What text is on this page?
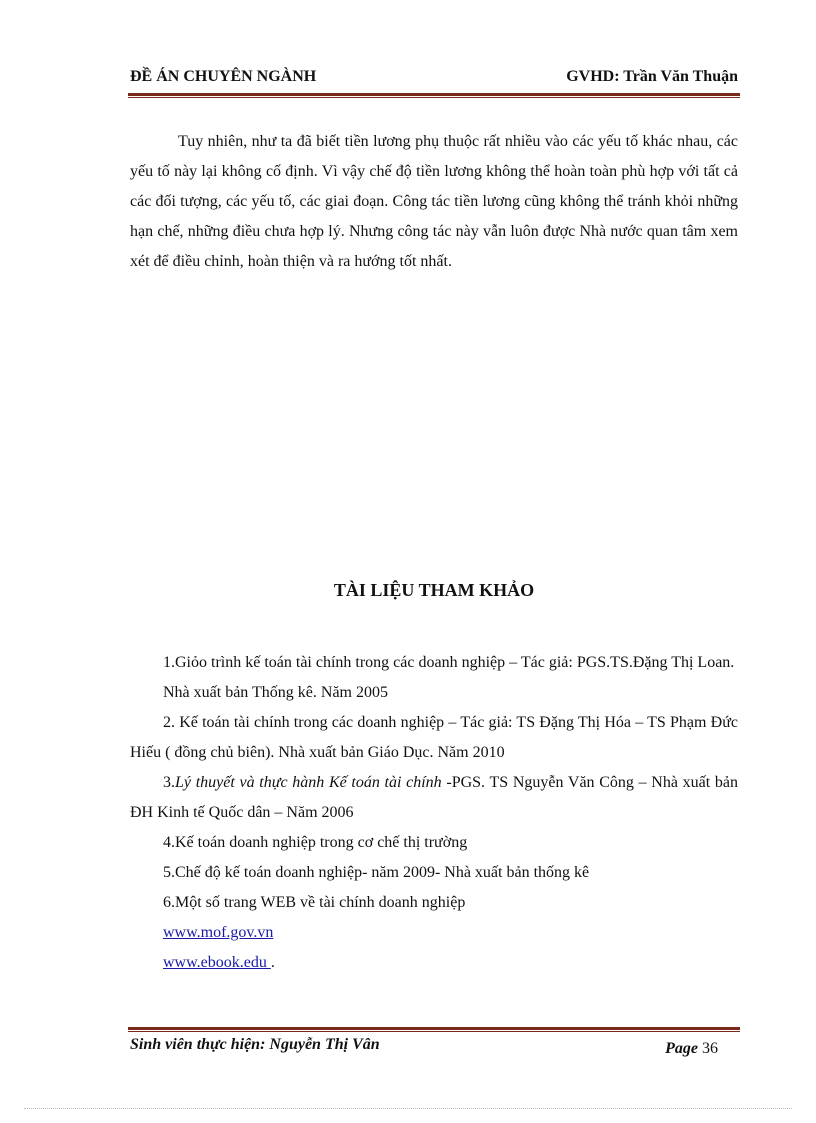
ĐỀ ÁN CHUYÊN NGÀNH	GVHD: Trần Văn Thuận

Tuy nhiên, như ta đã biết tiền lương phụ thuộc rất nhiều vào các yếu tố khác nhau, các yếu tố này lại không cố định. Vì vậy chế độ tiền lương không thể hoàn toàn phù hợp với tất cả các đối tượng, các yếu tố, các giai đoạn. Công tác tiền lương cũng không thể tránh khỏi những hạn chế, những điều chưa hợp lý. Nhưng công tác này vẫn luôn được Nhà nước quan tâm xem xét để điều chỉnh, hoàn thiện và ra hướng tốt nhất.

TÀI LIỆU THAM KHẢO

1.Giỏo trình kế toán tài chính trong các doanh nghiệp – Tác giả: PGS.TS.Đặng Thị Loan.

Nhà xuất bản Thống kê. Năm 2005

2. Kế toán tài chính trong các doanh nghiệp – Tác giả: TS Đặng Thị Hóa – TS Phạm Đức Hiếu ( đồng chủ biên). Nhà xuất bản Giáo Dục. Năm 2010

3.Lý thuyết và thực hành Kế toán tài chính -PGS. TS Nguyễn Văn Công – Nhà xuất bản ĐH Kinh tế Quốc dân – Năm 2006

4.Kế toán doanh nghiệp trong cơ chế thị trường

5.Chế độ kế toán doanh nghiệp- năm 2009- Nhà xuất bản thống kê

6.Một số trang WEB về tài chính doanh nghiệp

www.mof.gov.vn

www.ebook.edu .

Sinh viên thực hiện: Nguyễn Thị Vân	Page 36
